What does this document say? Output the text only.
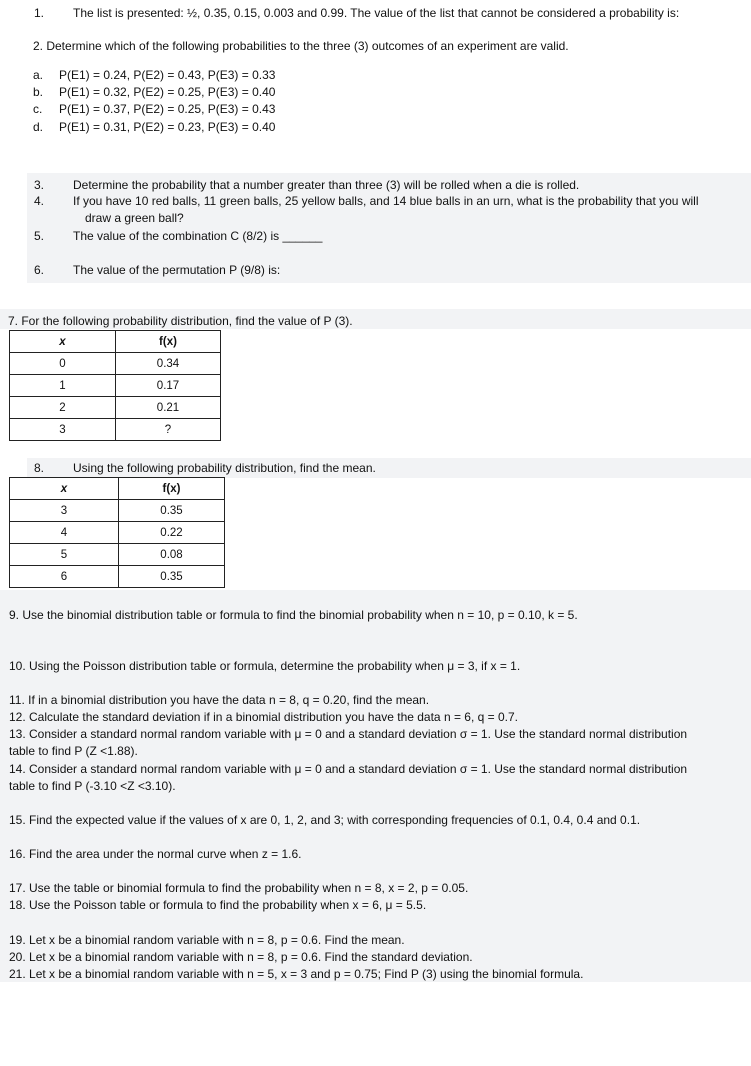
1. The list is presented: ½, 0.35, 0.15, 0.003 and 0.99. The value of the list that cannot be considered a probability is:
2. Determine which of the following probabilities to the three (3) outcomes of an experiment are valid.
a. P(E1) = 0.24, P(E2) = 0.43, P(E3) = 0.33
b. P(E1) = 0.32, P(E2) = 0.25, P(E3) = 0.40
c. P(E1) = 0.37, P(E2) = 0.25, P(E3) = 0.43
d. P(E1) = 0.31, P(E2) = 0.23, P(E3) = 0.40
3. Determine the probability that a number greater than three (3) will be rolled when a die is rolled.
4. If you have 10 red balls, 11 green balls, 25 yellow balls, and 14 blue balls in an urn, what is the probability that you will
draw a green ball?
5. The value of the combination C (8/2) is ______
6. The value of the permutation P (9/8) is:
7. For the following probability distribution, find the value of P (3).
x	f(x)
0	0.34
1	0.17
2	0.21
3	?
8. Using the following probability distribution, find the mean.
x	f(x)
3	0.35
4	0.22
5	0.08
6	0.35
9. Use the binomial distribution table or formula to find the binomial probability when n = 10, p = 0.10, k = 5.
10. Using the Poisson distribution table or formula, determine the probability when μ = 3, if x = 1.
11. If in a binomial distribution you have the data n = 8, q = 0.20, find the mean.
12. Calculate the standard deviation if in a binomial distribution you have the data n = 6, q = 0.7.
13. Consider a standard normal random variable with μ = 0 and a standard deviation σ = 1. Use the standard normal distribution
table to find P (Z <1.88).
14. Consider a standard normal random variable with μ = 0 and a standard deviation σ = 1. Use the standard normal distribution
table to find P (-3.10 <Z <3.10).
15. Find the expected value if the values of x are 0, 1, 2, and 3; with corresponding frequencies of 0.1, 0.4, 0.4 and 0.1.
16. Find the area under the normal curve when z = 1.6.
17. Use the table or binomial formula to find the probability when n = 8, x = 2, p = 0.05.
18. Use the Poisson table or formula to find the probability when x = 6, μ = 5.5.
19. Let x be a binomial random variable with n = 8, p = 0.6. Find the mean.
20. Let x be a binomial random variable with n = 8, p = 0.6. Find the standard deviation.
21. Let x be a binomial random variable with n = 5, x = 3 and p = 0.75; Find P (3) using the binomial formula.
